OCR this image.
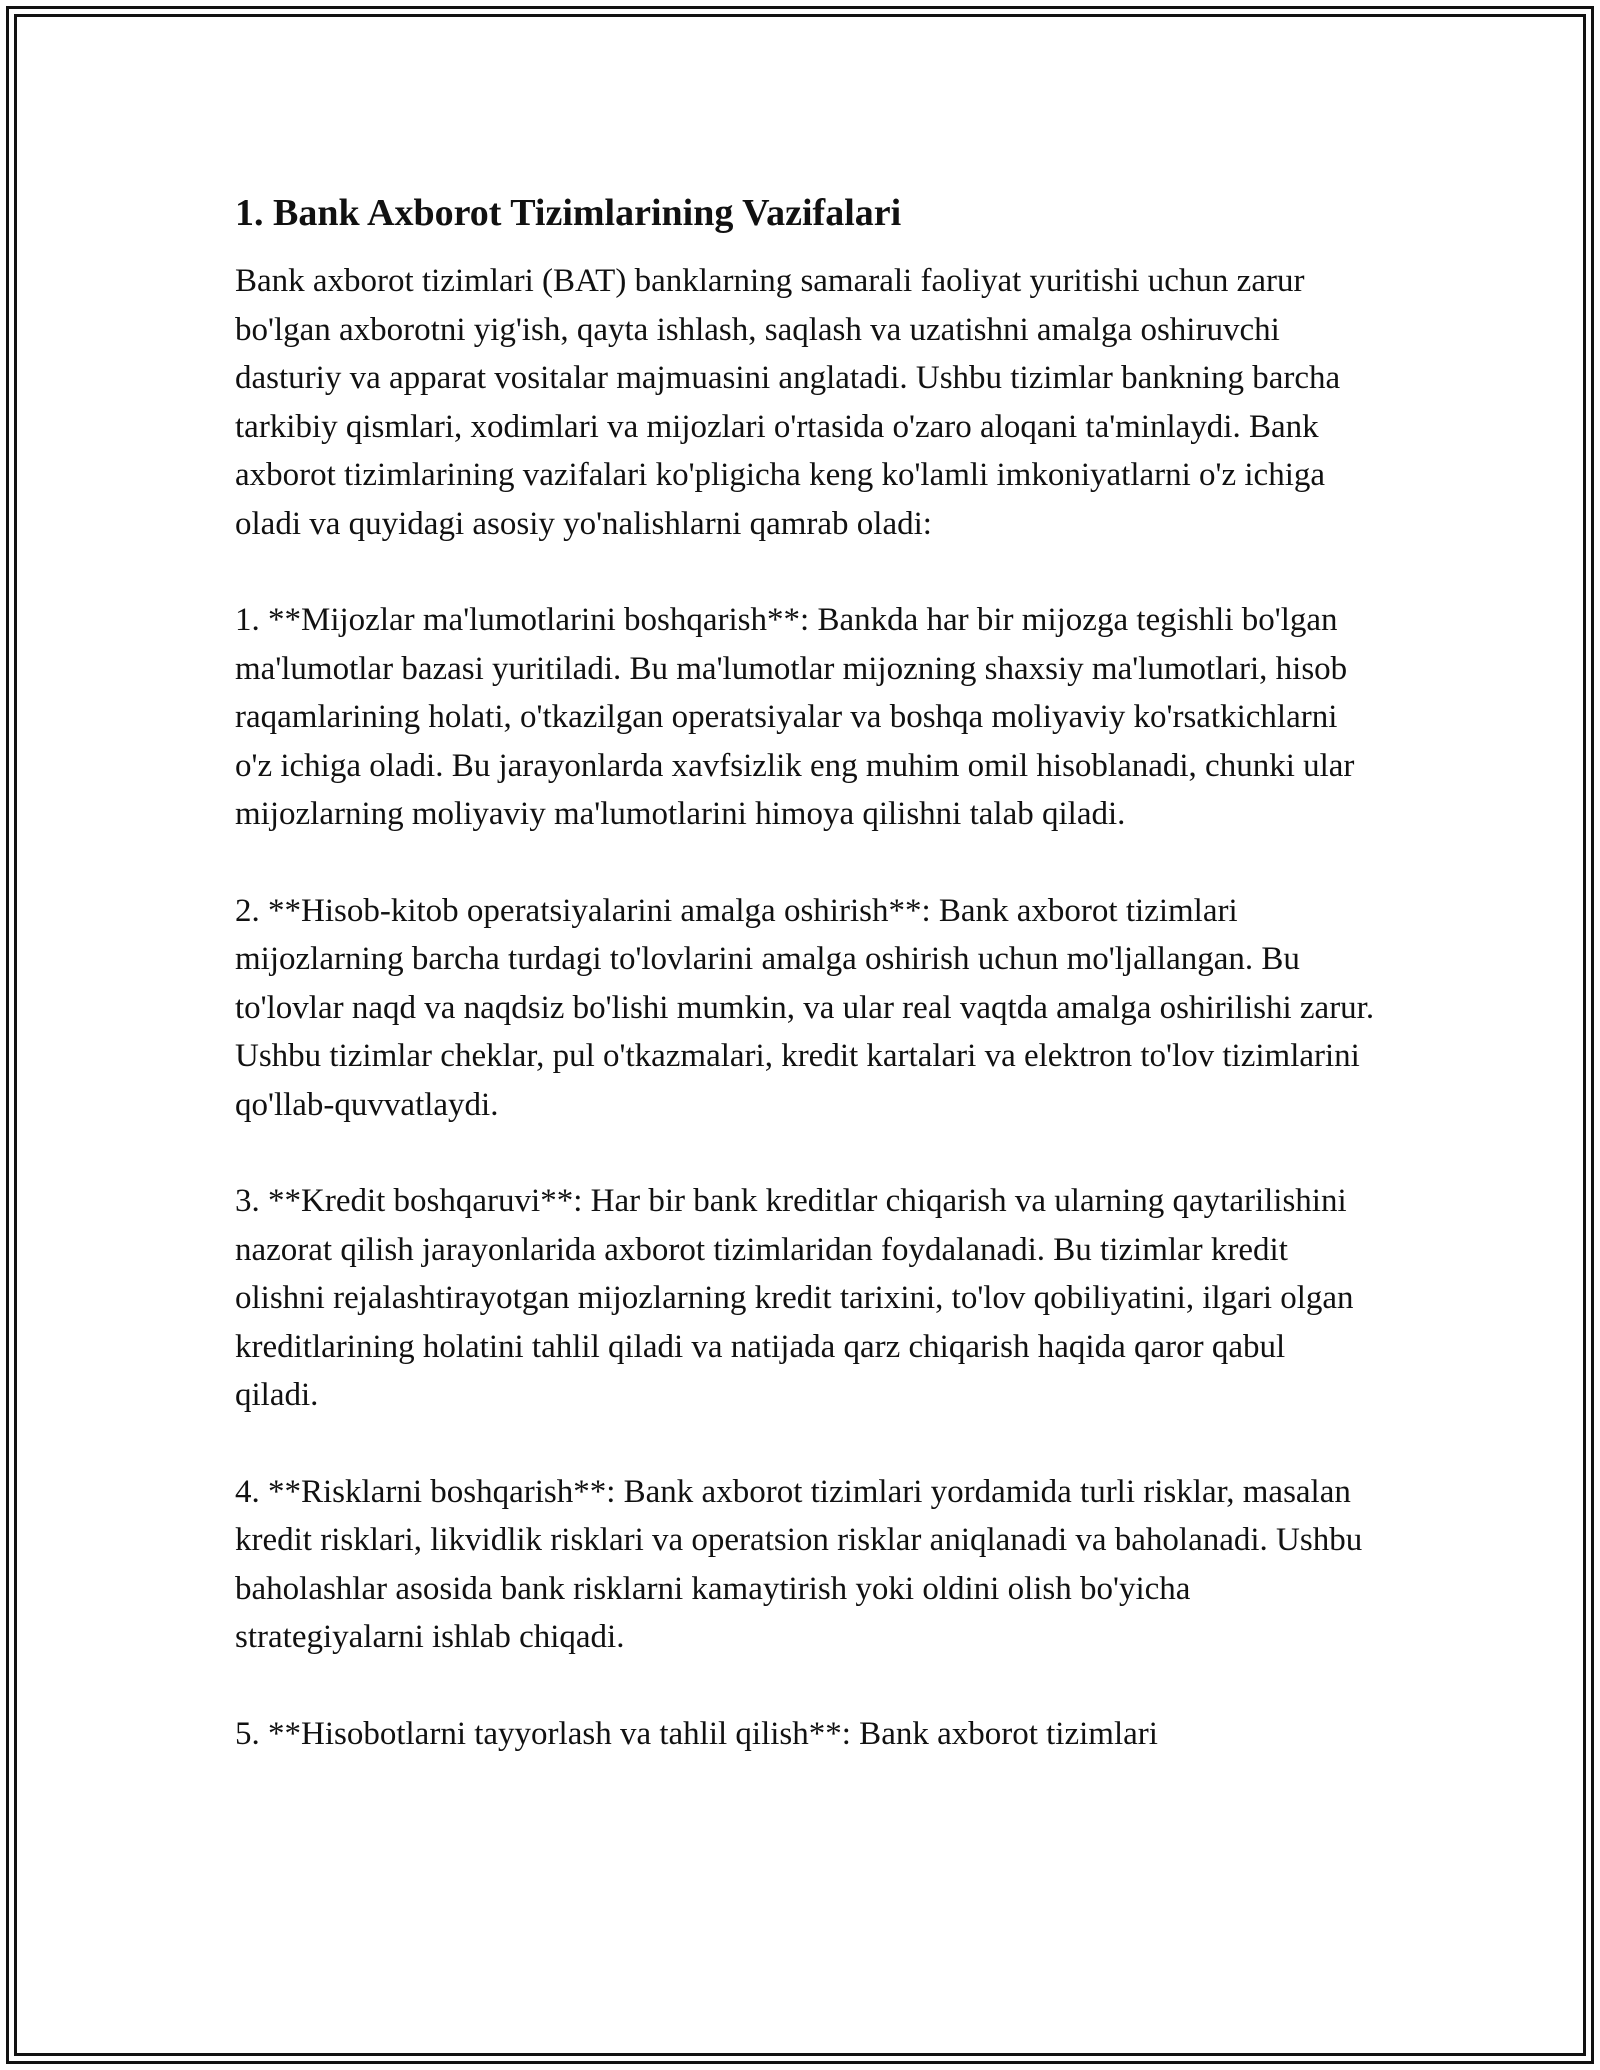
1. Bank Axborot Tizimlarining Vazifalari

Bank axborot tizimlari (BAT) banklarning samarali faoliyat yuritishi uchun zarur bo'lgan axborotni yig'ish, qayta ishlash, saqlash va uzatishni amalga oshiruvchi dasturiy va apparat vositalar majmuasini anglatadi. Ushbu tizimlar bankning barcha tarkibiy qismlari, xodimlari va mijozlari o'rtasida o'zaro aloqani ta'minlaydi. Bank axborot tizimlarining vazifalari ko'pligicha keng ko'lamli imkoniyatlarni o'z ichiga oladi va quyidagi asosiy yo'nalishlarni qamrab oladi:

1. **Mijozlar ma'lumotlarini boshqarish**: Bankda har bir mijozga tegishli bo'lgan ma'lumotlar bazasi yuritiladi. Bu ma'lumotlar mijozning shaxsiy ma'lumotlari, hisob raqamlarining holati, o'tkazilgan operatsiyalar va boshqa moliyaviy ko'rsatkichlarni o'z ichiga oladi. Bu jarayonlarda xavfsizlik eng muhim omil hisoblanadi, chunki ular mijozlarning moliyaviy ma'lumotlarini himoya qilishni talab qiladi.

2. **Hisob-kitob operatsiyalarini amalga oshirish**: Bank axborot tizimlari mijozlarning barcha turdagi to'lovlarini amalga oshirish uchun mo'ljallangan. Bu to'lovlar naqd va naqdsiz bo'lishi mumkin, va ular real vaqtda amalga oshirilishi zarur. Ushbu tizimlar cheklar, pul o'tkazmalari, kredit kartalari va elektron to'lov tizimlarini qo'llab-quvvatlaydi.

3. **Kredit boshqaruvi**: Har bir bank kreditlar chiqarish va ularning qaytarilishini nazorat qilish jarayonlarida axborot tizimlaridan foydalanadi. Bu tizimlar kredit olishni rejalashtirayotgan mijozlarning kredit tarixini, to'lov qobiliyatini, ilgari olgan kreditlarining holatini tahlil qiladi va natijada qarz chiqarish haqida qaror qabul qiladi.

4. **Risklarni boshqarish**: Bank axborot tizimlari yordamida turli risklar, masalan kredit risklari, likvidlik risklari va operatsion risklar aniqlanadi va baholanadi. Ushbu baholashlar asosida bank risklarni kamaytirish yoki oldini olish bo'yicha strategiyalarni ishlab chiqadi.

5. **Hisobotlarni tayyorlash va tahlil qilish**: Bank axborot tizimlari
